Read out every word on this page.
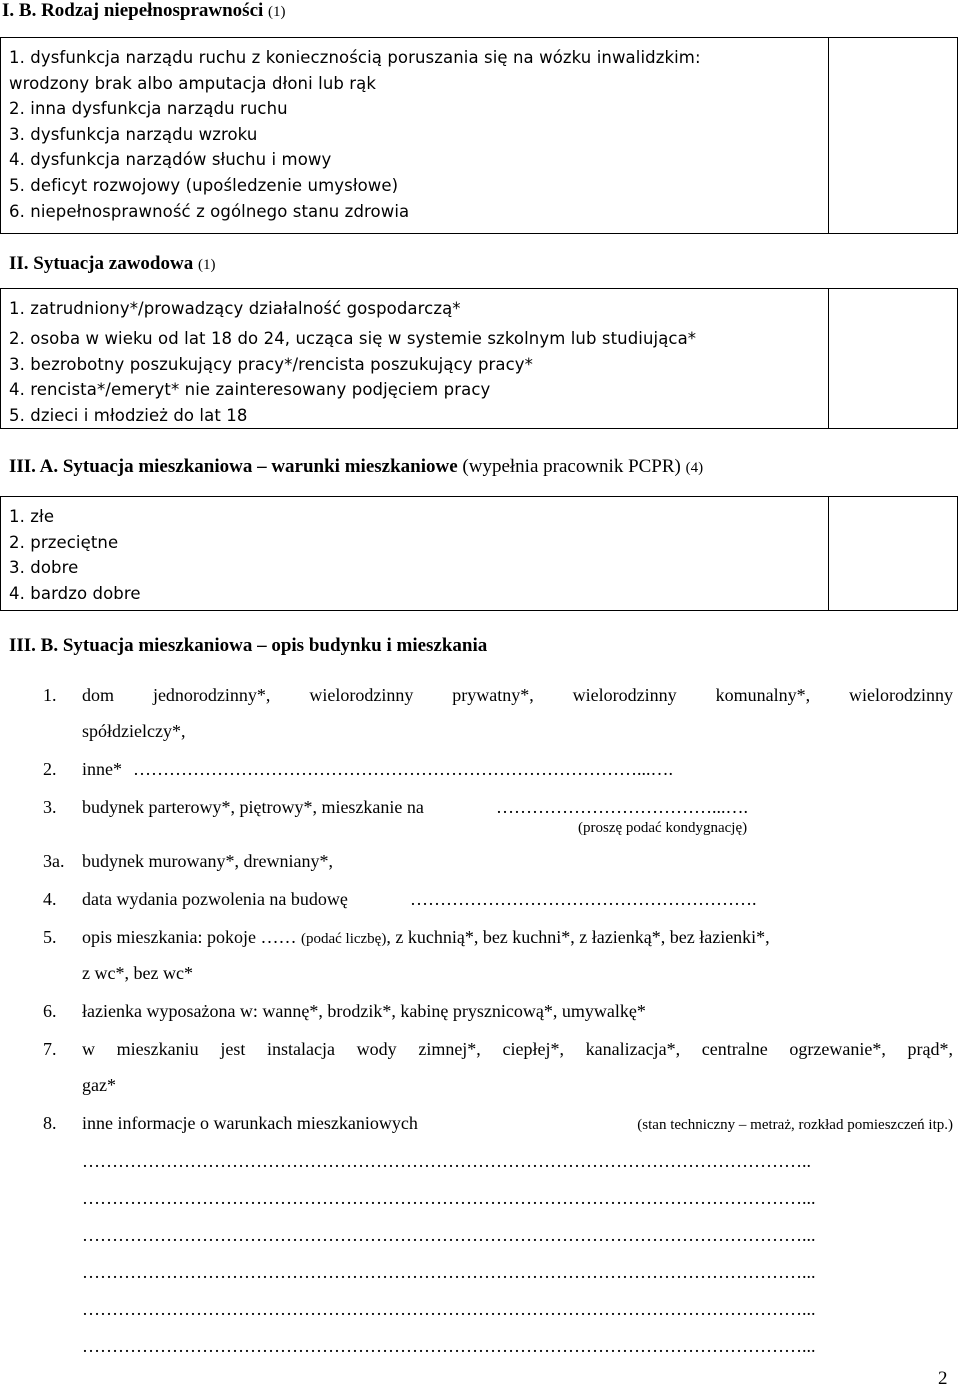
I. B. Rodzaj niepełnosprawności (1)
1. dysfunkcja narządu ruchu z koniecznością poruszania się na wózku inwalidzkim:
wrodzony brak albo amputacja dłoni lub rąk
2. inna dysfunkcja narządu ruchu
3. dysfunkcja narządu wzroku
4. dysfunkcja narządów słuchu i mowy
5. deficyt rozwojowy (upośledzenie umysłowe)
6. niepełnosprawność z ogólnego stanu zdrowia
II. Sytuacja zawodowa (1)
1. zatrudniony*/prowadzący działalność gospodarczą*
2. osoba w wieku od lat 18 do 24, ucząca się w systemie szkolnym lub studiująca*
3. bezrobotny poszukujący pracy*/rencista poszukujący pracy*
4. rencista*/emeryt* nie zainteresowany podjęciem pracy
5. dzieci i młodzież do lat 18
III. A. Sytuacja mieszkaniowa – warunki mieszkaniowe (wypełnia pracownik PCPR) (4)
1. złe
2. przeciętne
3. dobre
4. bardzo dobre
III. B. Sytuacja mieszkaniowa – opis budynku i mieszkania
1. dom jednorodzinny*, wielorodzinny prywatny*, wielorodzinny komunalny*, wielorodzinny
spółdzielczy*,
2. inne* …………………………………………………………………………...….
3. budynek parterowy*, piętrowy*, mieszkanie na	………………………………...….
(proszę podać kondygnację)
3a. budynek murowany*, drewniany*,
4. data wydania pozwolenia na budowę	………………………………………………….
5. opis mieszkania: pokoje …… (podać liczbę), z kuchnią*, bez kuchni*, z łazienką*, bez łazienki*,
z wc*, bez wc*
6. łazienka wyposażona w: wannę*, brodzik*, kabinę prysznicową*, umywalkę*
7. w mieszkaniu jest instalacja wody zimnej*, ciepłej*, kanalizacja*, centralne ogrzewanie*, prąd*,
gaz*
8. inne informacje o warunkach mieszkaniowych	(stan techniczny – metraż, rozkład pomieszczeń itp.)
…………………………………………………………………………………………………………..
…………………………………………………………………………………………………………...
…………………………………………………………………………………………………………...
…………………………………………………………………………………………………………...
…………………………………………………………………………………………………………...
…………………………………………………………………………………………………………...
2
